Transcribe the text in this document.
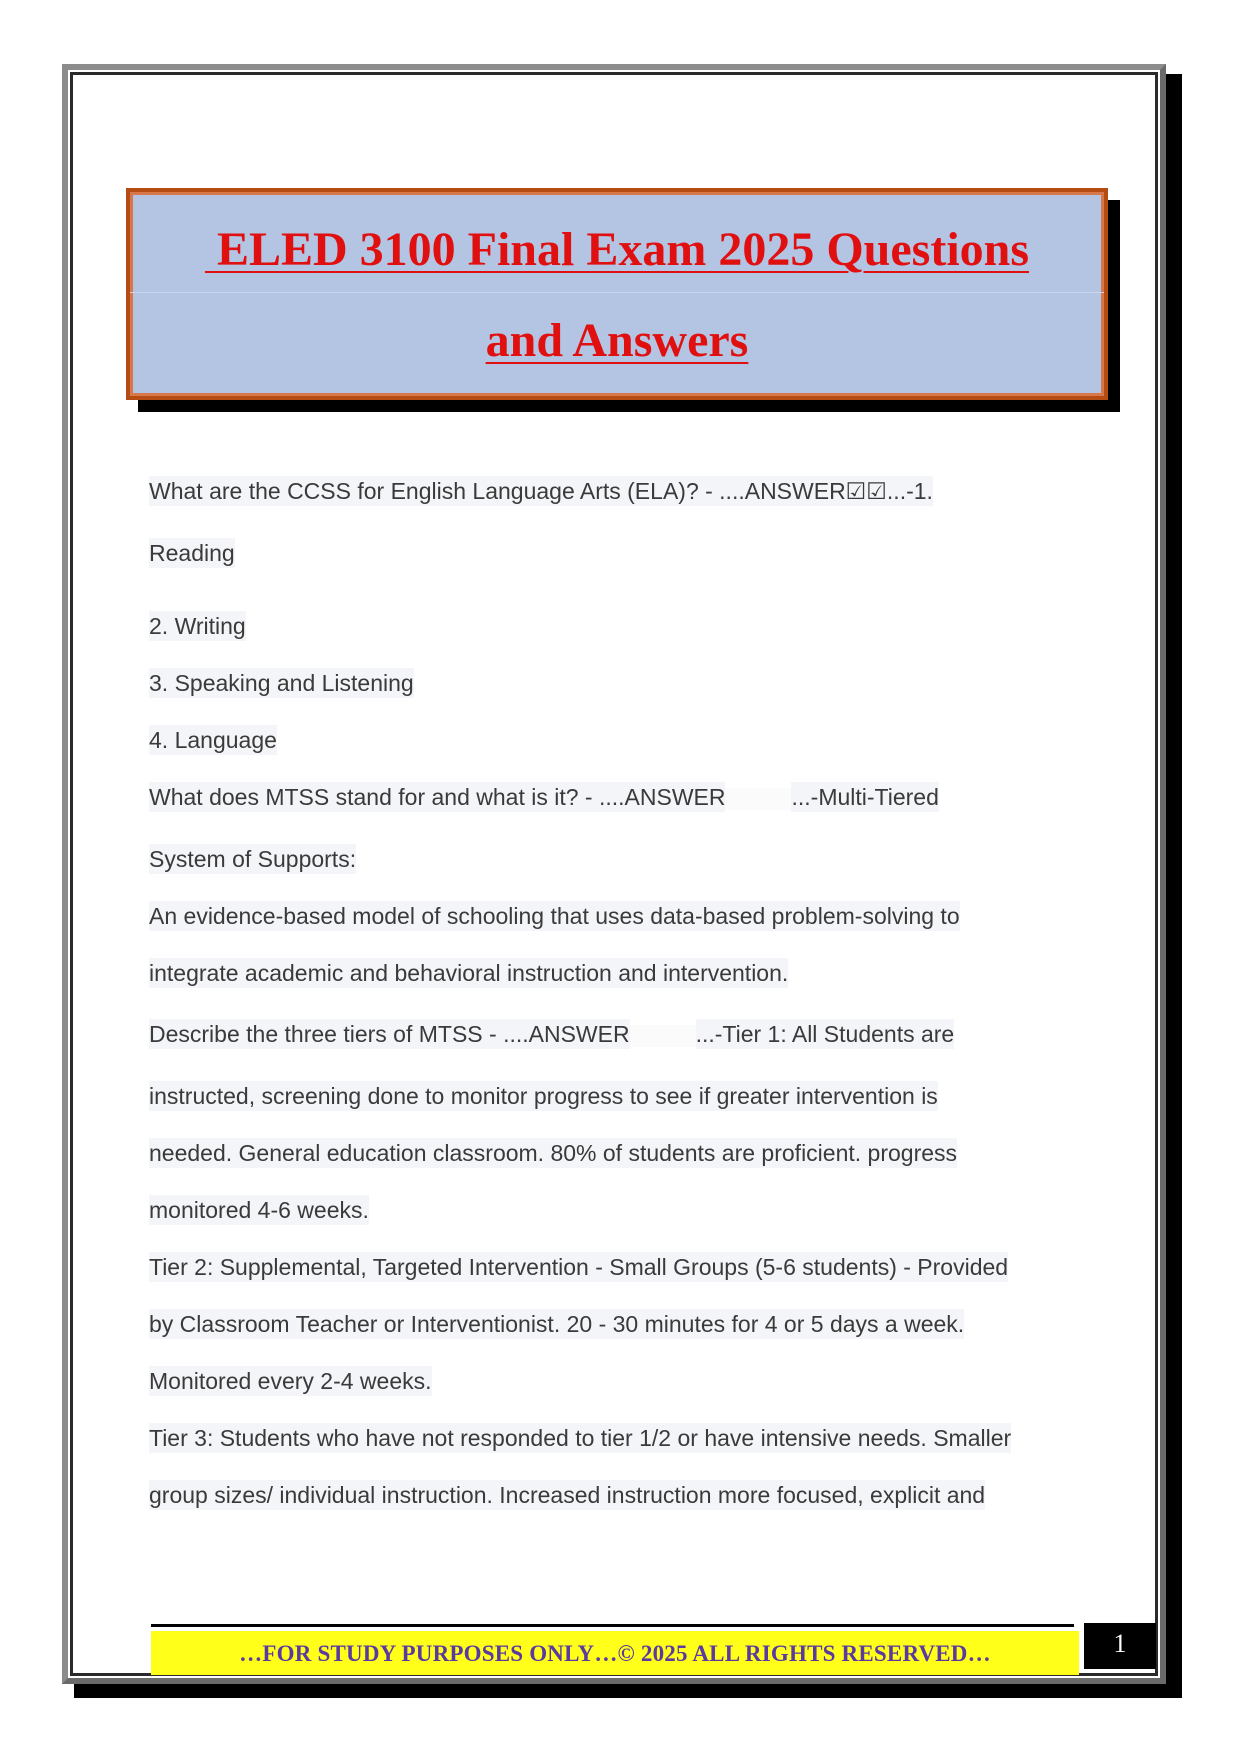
ELED 3100 Final Exam 2025 Questions
and Answers
What are the CCSS for English Language Arts (ELA)? - ....ANSWER☑☑...-1.
Reading
2. Writing
3. Speaking and Listening
4. Language
What does MTSS stand for and what is it? - ....ANSWER	...-Multi-Tiered
System of Supports:
An evidence-based model of schooling that uses data-based problem-solving to
integrate academic and behavioral instruction and intervention.
Describe the three tiers of MTSS - ....ANSWER	...-Tier 1: All Students are
instructed, screening done to monitor progress to see if greater intervention is
needed. General education classroom. 80% of students are proficient. progress
monitored 4-6 weeks.
Tier 2: Supplemental, Targeted Intervention - Small Groups (5-6 students) - Provided
by Classroom Teacher or Interventionist. 20 - 30 minutes for 4 or 5 days a week.
Monitored every 2-4 weeks.
Tier 3: Students who have not responded to tier 1/2 or have intensive needs. Smaller
group sizes/ individual instruction. Increased instruction more focused, explicit and
…FOR STUDY PURPOSES ONLY…© 2025 ALL RIGHTS RESERVED…	1
